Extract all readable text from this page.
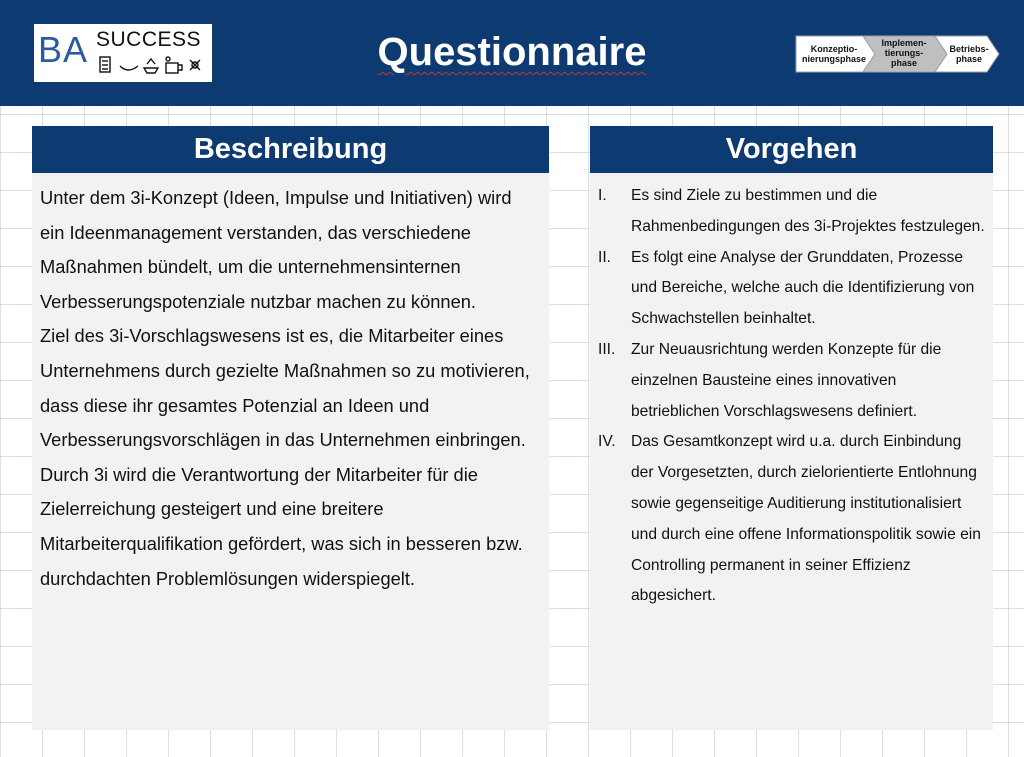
BA SUCCESS	Questionnaire	Konzeptio-
nierungsphase
Implemen-
tierungs-
phase
Betriebs-
phase
Beschreibung

Unter dem 3i-Konzept (Ideen, Impulse und Initiativen) wird ein Ideenmanagement verstanden, das verschiedene Maßnahmen bündelt, um die unternehmensinternen Verbesserungspotenziale nutzbar machen zu können.

Ziel des 3i-Vorschlagswesens ist es, die Mitarbeiter eines Unternehmens durch gezielte Maßnahmen so zu motivieren, dass diese ihr gesamtes Potenzial an Ideen und Verbesserungsvorschlägen in das Unternehmen einbringen.

Durch 3i wird die Verantwortung der Mitarbeiter für die Zielerreichung gesteigert und eine breitere Mitarbeiterqualifikation gefördert, was sich in besseren bzw. durchdachten Problemlösungen widerspiegelt.

Vorgehen
I.	Es sind Ziele zu bestimmen und die Rahmenbedingungen des 3i-Projektes festzulegen.
II.	Es folgt eine Analyse der Grunddaten, Prozesse und Bereiche, welche auch die Identifizierung von Schwachstellen beinhaltet.
III.	Zur Neuausrichtung werden Konzepte für die einzelnen Bausteine eines innovativen betrieblichen Vorschlagswesens definiert.
IV. Das Gesamtkonzept wird u.a. durch Einbindung der Vorgesetzten, durch zielorientierte Entlohnung sowie gegenseitige Auditierung institutionalisiert und durch eine offene Informationspolitik sowie ein Controlling permanent in seiner Effizienz abgesichert.
